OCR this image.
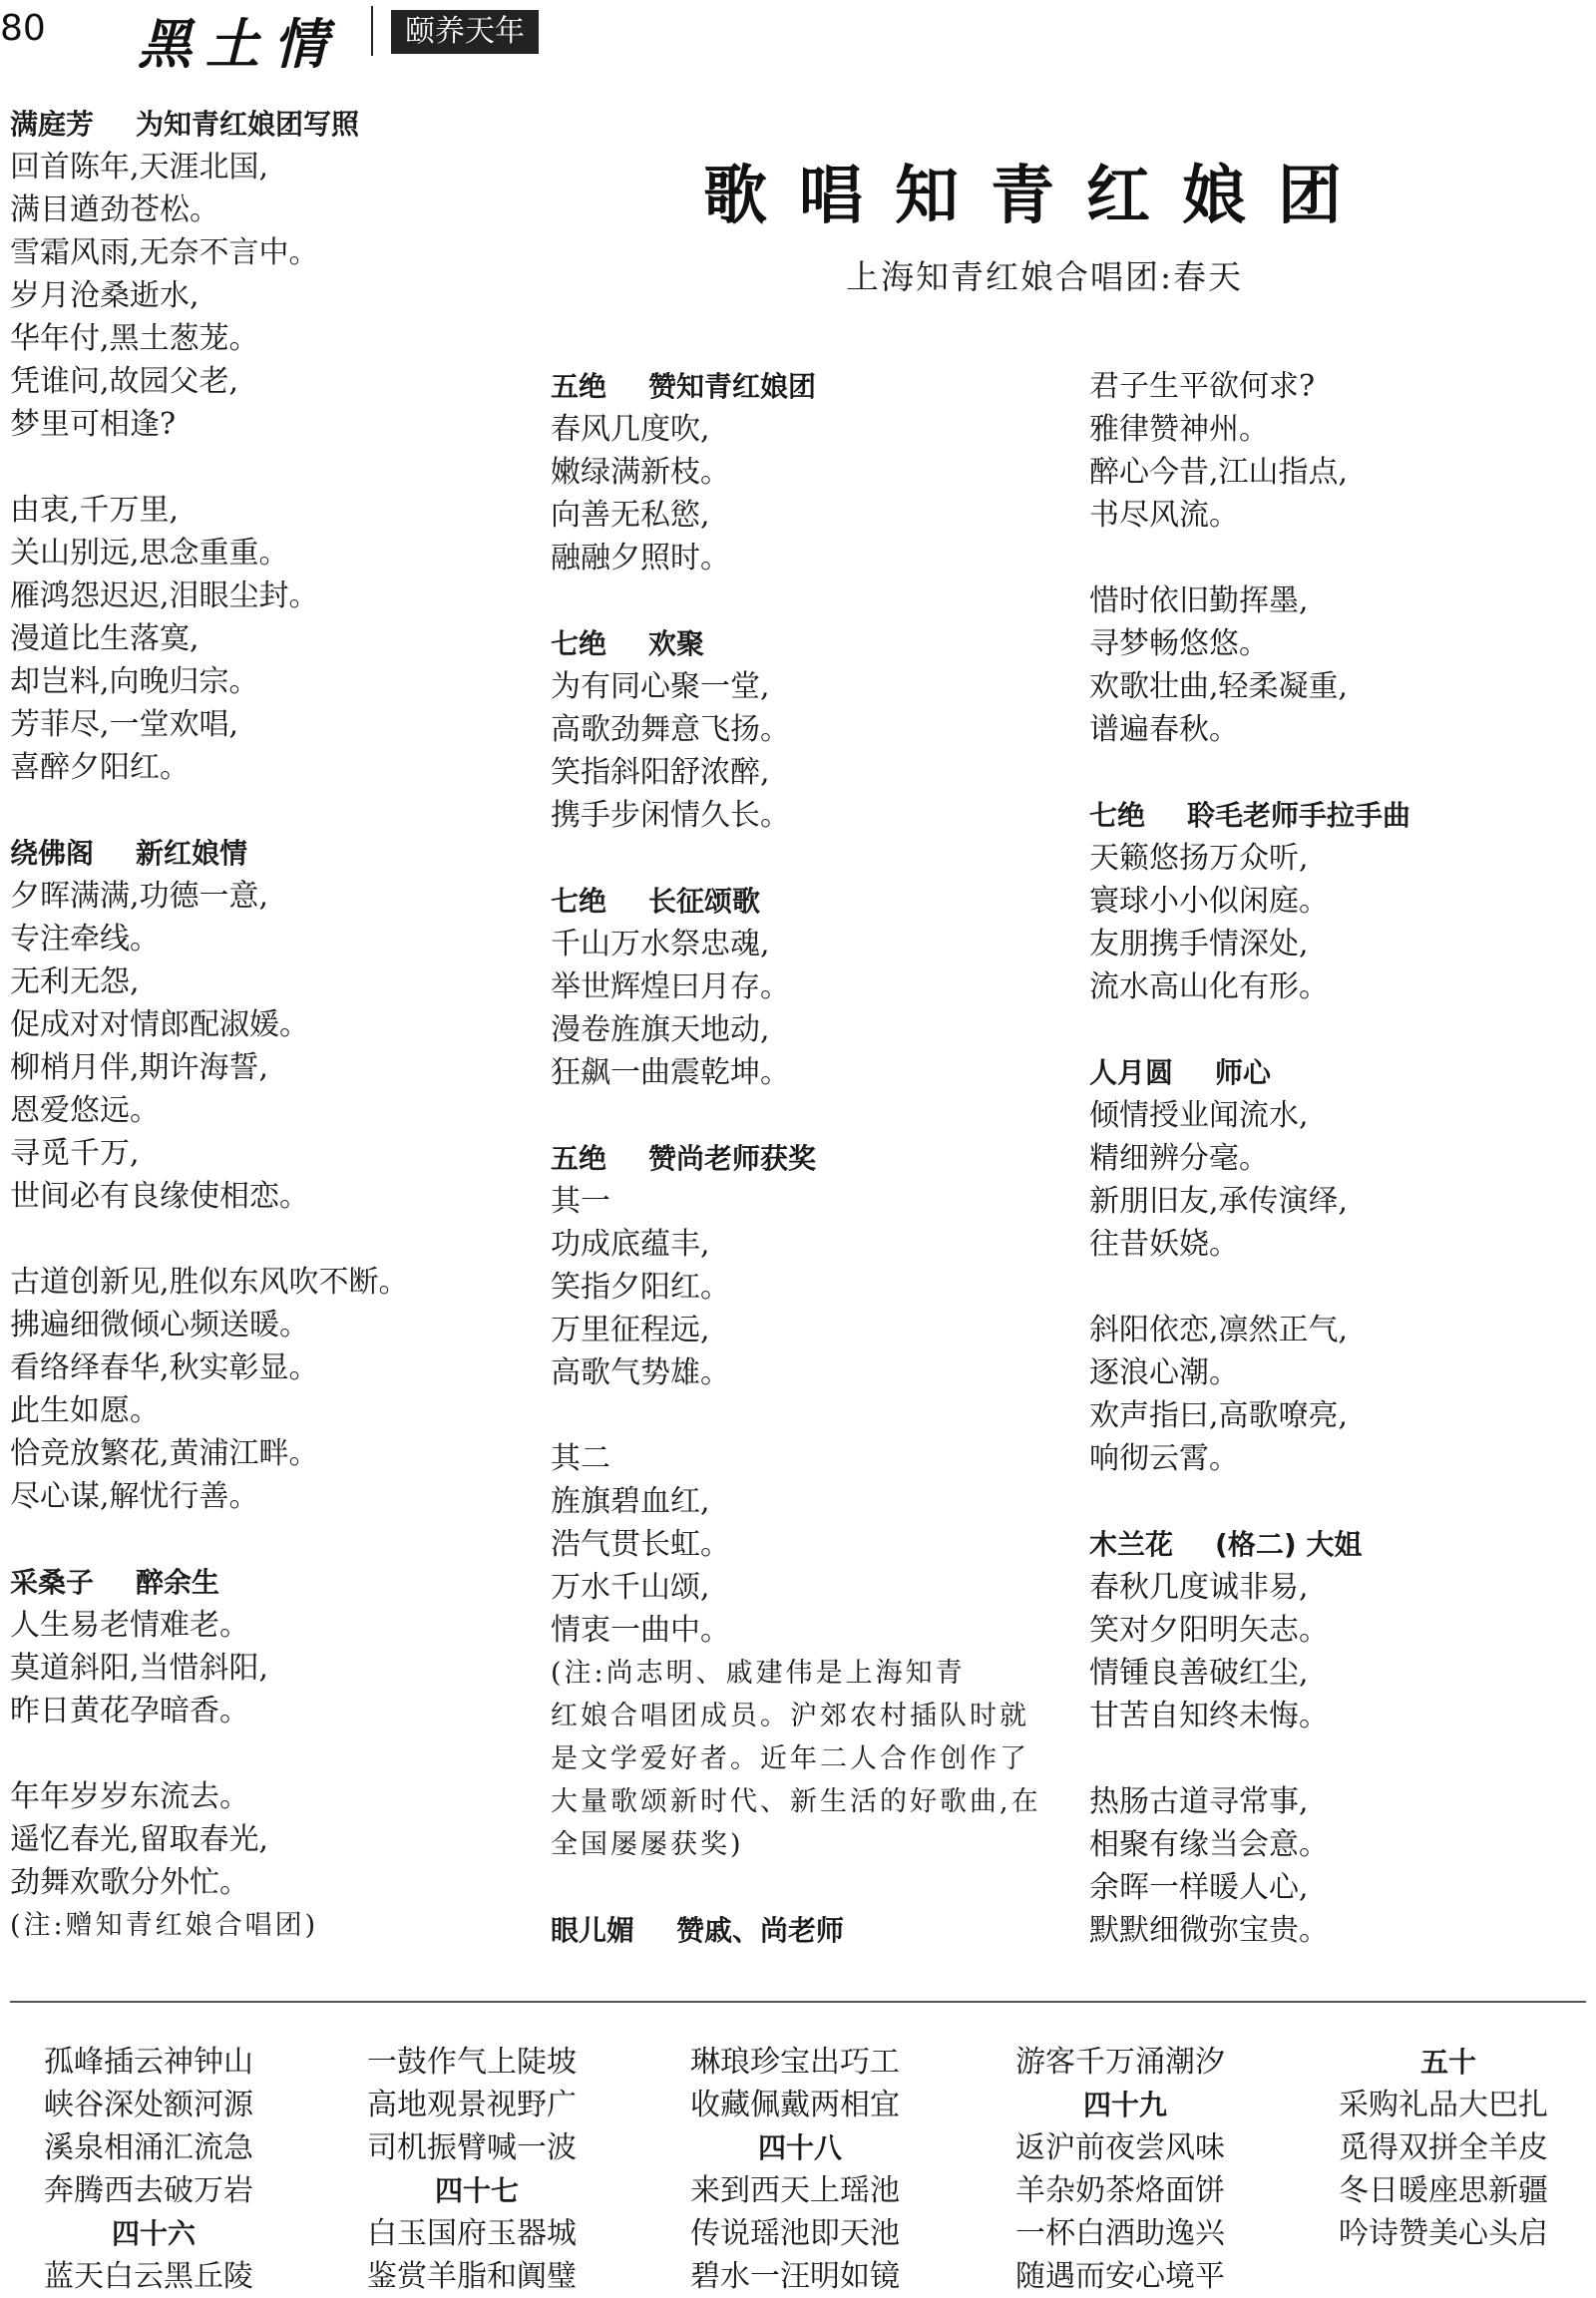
80 黑土情	颐养天年
歌唱知青红娘团
上海知青红娘合唱团:春天
满庭芳 为知青红娘团写照
回首陈年,天涯北国,
满目遒劲苍松。
雪霜风雨,无奈不言中。
岁月沧桑逝水,
华年付,黑土葱茏。
凭谁问,故园父老,
梦里可相逢?
由衷,千万里,
关山别远,思念重重。
雁鸿怨迟迟,泪眼尘封。
漫道比生落寞,
却岂料,向晚归宗。
芳菲尽,一堂欢唱,
喜醉夕阳红。
绕佛阁 新红娘情
夕晖满满,功德一意,
专注牵线。
无利无怨,
促成对对情郎配淑媛。
柳梢月伴,期许海誓,
恩爱悠远。
寻觅千万,
世间必有良缘使相恋。
古道创新见,胜似东风吹不断。
拂遍细微倾心频送暖。
看络绎春华,秋实彰显。
此生如愿。
恰竞放繁花,黄浦江畔。
尽心谋,解忧行善。
采桑子 醉余生
人生易老情难老。
莫道斜阳,当惜斜阳,
昨日黄花孕暗香。
年年岁岁东流去。
遥忆春光,留取春光,
劲舞欢歌分外忙。
(注:赠知青红娘合唱团)
五绝 赞知青红娘团
春风几度吹,
嫩绿满新枝。
向善无私慾,
融融夕照时。
七绝 欢聚
为有同心聚一堂,
高歌劲舞意飞扬。
笑指斜阳舒浓醉,
携手步闲情久长。
七绝 长征颂歌
千山万水祭忠魂,
举世辉煌曰月存。
漫卷旌旗天地动,
狂飙一曲震乾坤。
五绝 赞尚老师获奖
其一
功成底蕴丰,
笑指夕阳红。
万里征程远,
高歌气势雄。
其二
旌旗碧血红,
浩气贯长虹。
万水千山颂,
情衷一曲中。
(注:尚志明、戚建伟是上海知青
红娘合唱团成员。沪郊农村插队时就
是文学爱好者。近年二人合作创作了
大量歌颂新时代、新生活的好歌曲,在
全国屡屡获奖)
眼儿媚 赞戚、尚老师
君子生平欲何求?
雅律赞神州。
醉心今昔,江山指点,
书尽风流。
惜时依旧勤挥墨,
寻梦畅悠悠。
欢歌壮曲,轻柔凝重,
谱遍春秋。
七绝 聆毛老师手拉手曲
天籁悠扬万众听,
寰球小小似闲庭。
友朋携手情深处,
流水高山化有形。
人月圆 师心
倾情授业闻流水,
精细辨分毫。
新朋旧友,承传演绎,
往昔妖娆。
斜阳依恋,凛然正气,
逐浪心潮。
欢声指曰,高歌嘹亮,
响彻云霄。
木兰花 (格二) 大姐
春秋几度诚非易,
笑对夕阳明矢志。
情锺良善破红尘,
甘苦自知终未悔。
热肠古道寻常事,
相聚有缘当会意。
余晖一样暖人心,
默默细微弥宝贵。
孤峰插云神钟山
峡谷深处额河源
溪泉相涌汇流急
奔腾西去破万岩
四十六
蓝天白云黑丘陵
一鼓作气上陡坡
高地观景视野广
司机振臂喊一波
四十七
白玉国府玉器城
鉴赏羊脂和阗璧
琳琅珍宝出巧工
收藏佩戴两相宜
四十八
来到西天上瑶池
传说瑶池即天池
碧水一汪明如镜
游客千万涌潮汐
四十九
返沪前夜尝风味
羊杂奶茶烙面饼
一杯白酒助逸兴
随遇而安心境平
五十
采购礼品大巴扎
觅得双拼全羊皮
冬日暖座思新疆
吟诗赞美心头启
